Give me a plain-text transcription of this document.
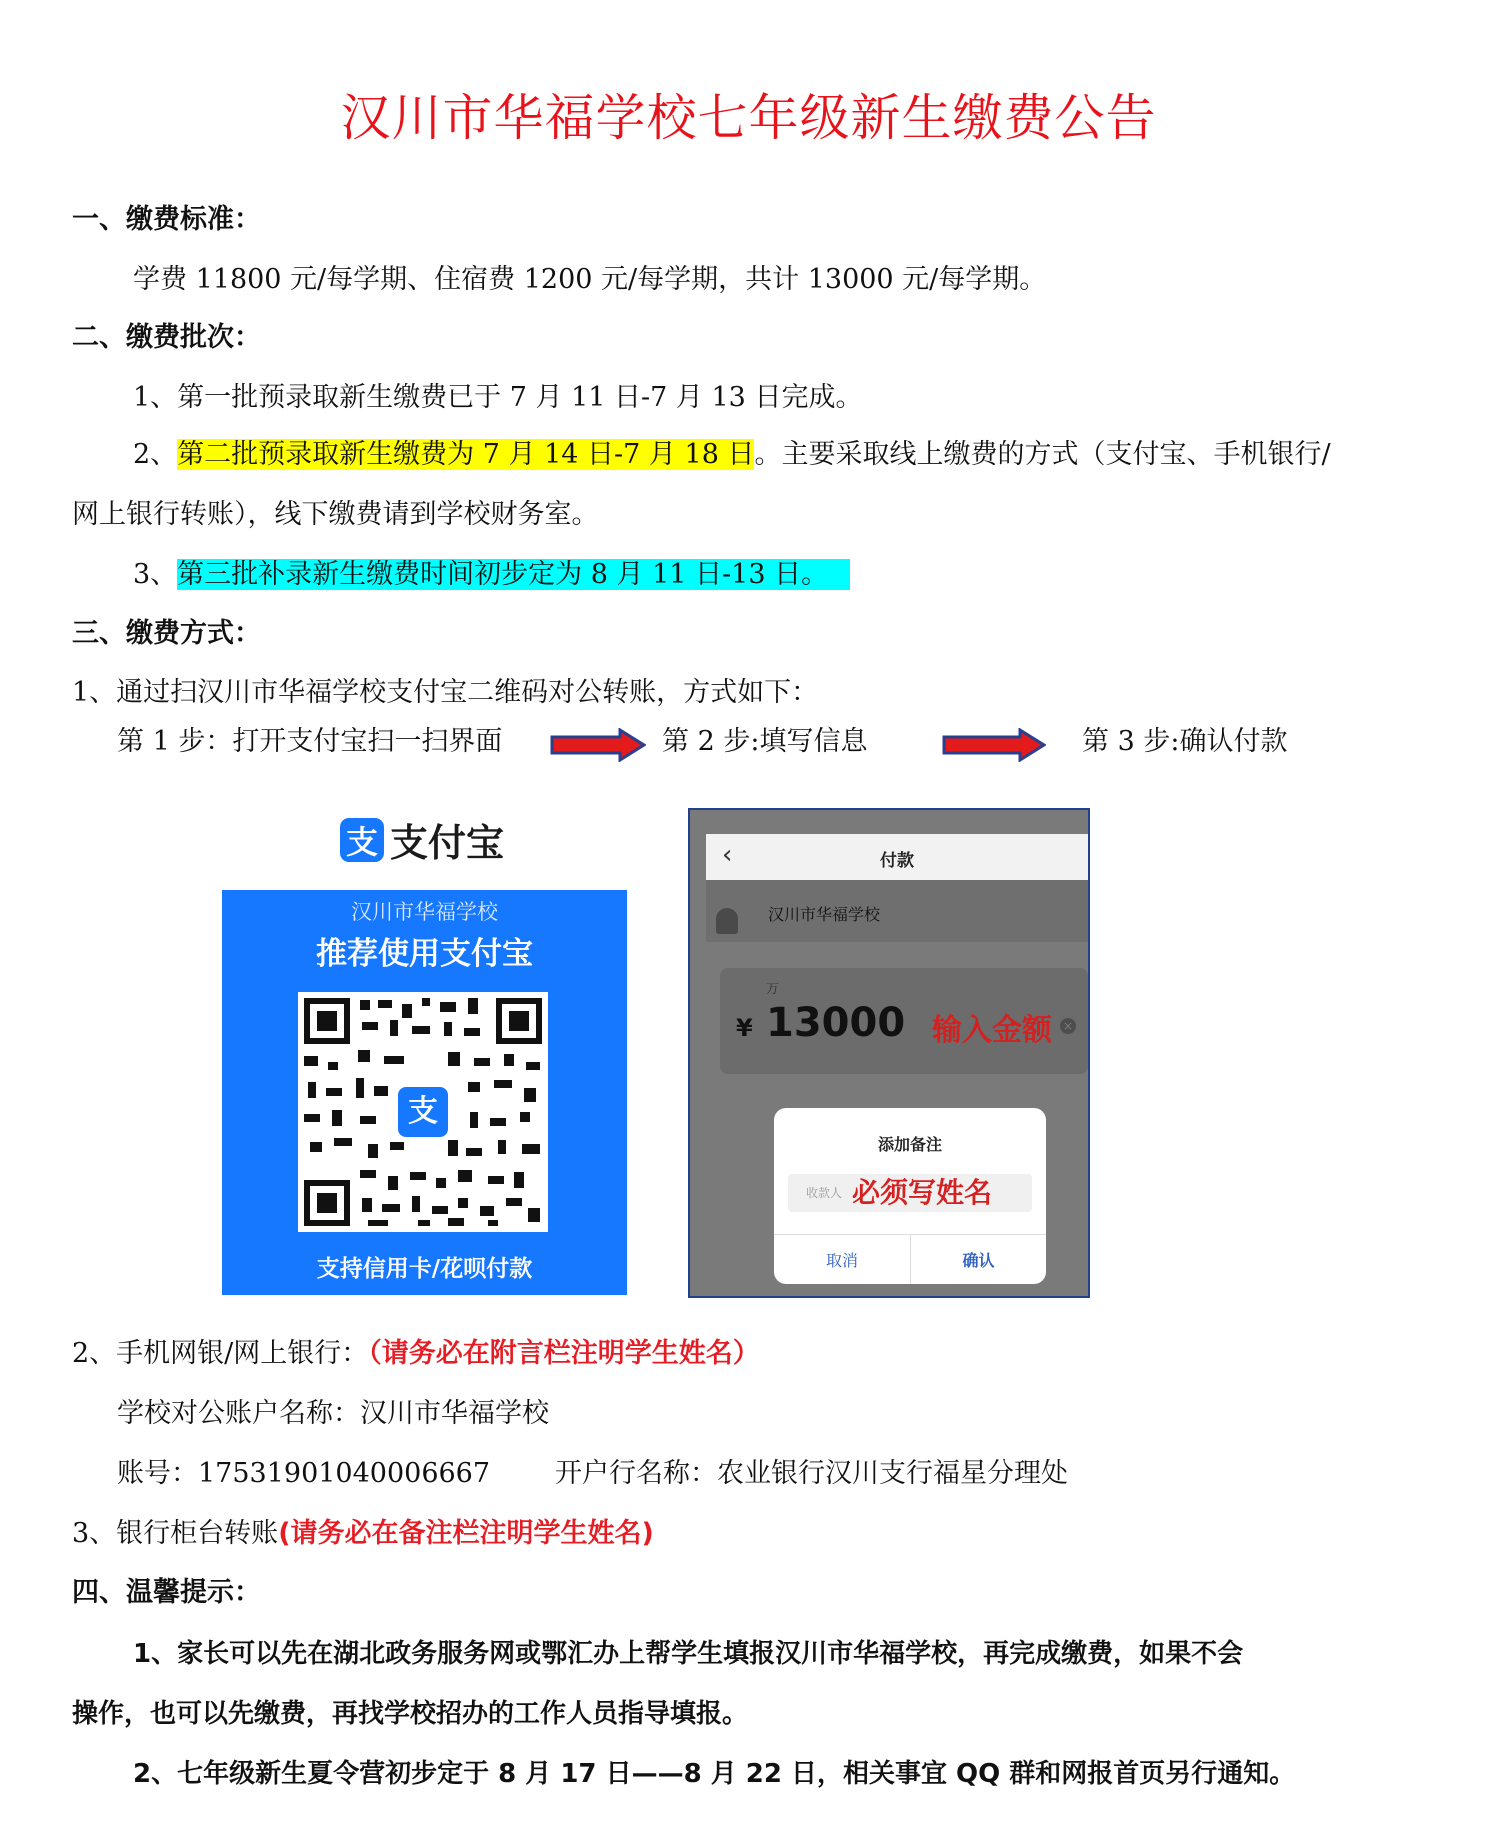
汉川市华福学校七年级新生缴费公告
一、缴费标准：
学费 11800 元/每学期、住宿费 1200 元/每学期，共计 13000 元/每学期。
二、缴费批次：
1、第一批预录取新生缴费已于 7 月 11 日-7 月 13 日完成。
2、第二批预录取新生缴费为 7 月 14 日-7 月 18 日。主要采取线上缴费的方式（支付宝、手机银行/
网上银行转账），线下缴费请到学校财务室。
3、第三批补录新生缴费时间初步定为 8 月 11 日-13 日。
三、缴费方式：
1、通过扫汉川市华福学校支付宝二维码对公转账，方式如下：
第 1 步：打开支付宝扫一扫界面	第 2 步:填写信息	第 3 步:确认付款
支 支付宝
汉川市华福学校
推荐使用支付宝
支
支持信用卡/花呗付款
‹	付款
汉川市华福学校
万
¥ 13000 输入金额 ×
添加备注
收款人 必须写姓名
取消	确认
2、手机网银/网上银行：（请务必在附言栏注明学生姓名）
学校对公账户名称：汉川市华福学校
账号：17531901040006667 开户行名称：农业银行汉川支行福星分理处
3、银行柜台转账(请务必在备注栏注明学生姓名)
四、温馨提示：
1、家长可以先在湖北政务服务网或鄂汇办上帮学生填报汉川市华福学校，再完成缴费，如果不会
操作，也可以先缴费，再找学校招办的工作人员指导填报。
2、七年级新生夏令营初步定于 8 月 17 日——8 月 22 日，相关事宜 QQ 群和网报首页另行通知。
